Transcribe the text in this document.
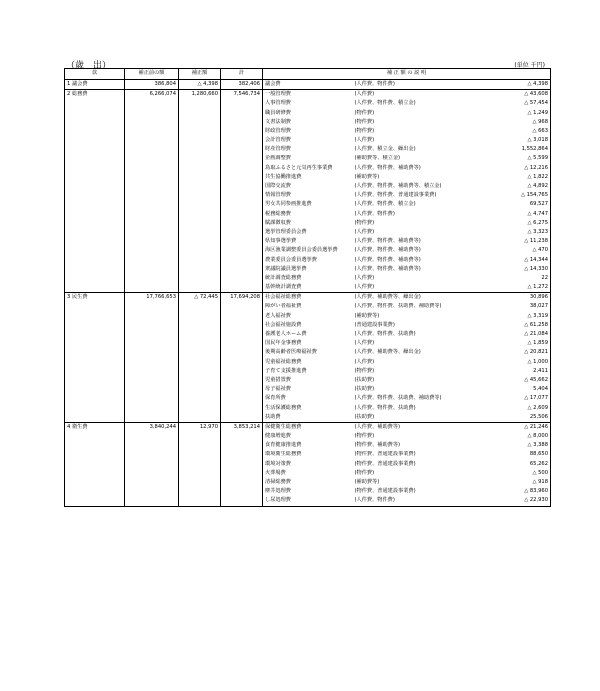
（歳　出）	(単位 千円)
款	補正前の額	補正額	計	補 正 額 の 説 明		
1 議会費	386,804	△ 4,398	382,406	議会費	(人件費、物件費)	△ 4,398
2 総務費	6,266,074	1,280,660	7,546,734	一般管理費	(人件費)	△ 43,608
				人事管理費	(人件費、物件費、積立金)	△ 57,454
				職員研修費	(物件費)	△ 1,249
				文書法制費	(物件費)	△ 968
				財政管理費	(物件費)	△ 663
				会計管理費	(人件費)	△ 3,018
				財産管理費	(人件費、積立金、繰出金)	1,552,864
				企画調整費	(補助費等、積立金)	△ 5,599
				鳥取ふるさと元気再生事業費	(人件費、物件費、補助費等)	△ 12,216
				共生協働推進費	(補助費等)	△ 1,822
				国際交流費	(人件費、物件費、補助費等、積立金)	△ 4,892
				情報管理費	(人件費、物件費、普通建設事業費)	△ 154,765
				男女共同参画推進費	(人件費、物件費、積立金)	69,527
				税務総務費	(人件費、物件費)	△ 4,747
				賦課徴収費	(物件費)	△ 6,275
				選挙管理委員会費	(人件費)	△ 3,323
				県知事選挙費	(人件費、物件費、補助費等)	△ 11,238
				海区漁業調整委員会委員選挙費	(人件費、物件費、補助費等)	△ 470
				農業委員会委員選挙費	(人件費、物件費、補助費等)	△ 14,344
				衆議院議員選挙費	(人件費、物件費、補助費等)	△ 14,330
				統計調査総務費	(人件費)	22
				基幹統計調査費	(人件費)	△ 1,272
3 民生費	17,766,653	△ 72,445	17,694,208	社会福祉総務費	(人件費、補助費等、繰出金)	30,896
				障がい者福祉費	(人件費、物件費、扶助費、補助費等)	38,027
				老人福祉費	(補助費等)	△ 3,319
				社会福祉施設費	(普通建設事業費)	△ 61,258
				養護老人ホーム費	(人件費、物件費、扶助費)	△ 21,084
				国民年金事務費	(人件費)	△ 1,859
				後期高齢者医療福祉費	(人件費、補助費等、繰出金)	△ 20,821
				児童福祉総務費	(人件費)	△ 1,000
				子育て支援推進費	(物件費)	2,411
				児童措置費	(扶助費)	△ 45,662
				母子福祉費	(扶助費)	5,404
				保育所費	(人件費、物件費、扶助費、補助費等)	△ 17,077
				生活保護総務費	(人件費、物件費、扶助費)	△ 2,609
				扶助費	(扶助費)	25,506
4 衛生費	3,840,244	12,970	3,853,214	保健衛生総務費	(人件費、補助費等)	△ 21,246
				健康増進費	(物件費)	△ 8,000
				食育健康推進費	(物件費、補助費等)	△ 3,388
				環境衛生総務費	(物件費、普通建設事業費)	88,650
				環境対策費	(物件費、普通建設事業費)	65,262
				火葬場費	(物件費)	△ 500
				清掃総務費	(補助費等)	△ 918
				塵芥処理費	(物件費、普通建設事業費)	△ 83,960
				し尿処理費	(人件費、物件費)	△ 22,930
